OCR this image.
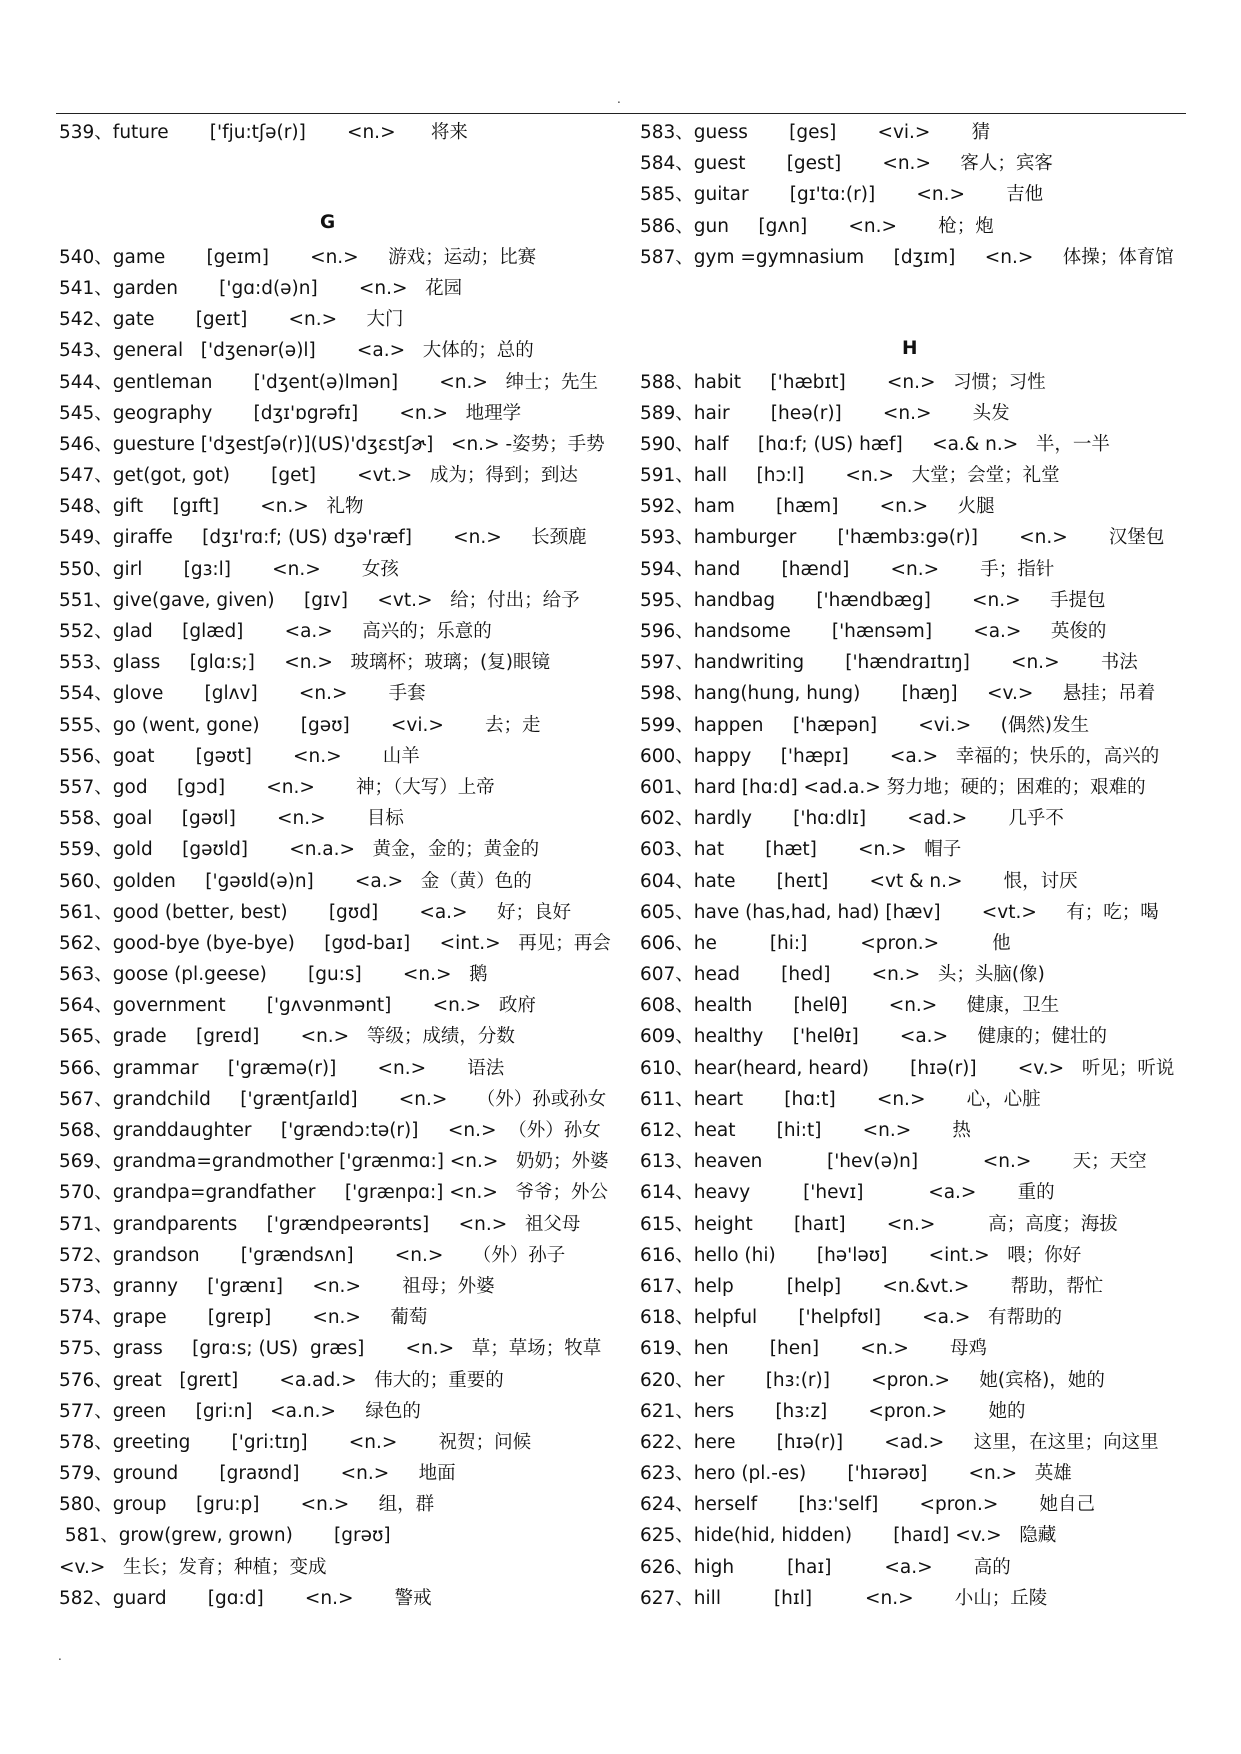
.
539、future       ['fju:tʃə(r)]       <n.>      将来
540、game       [geɪm]       <n.>     游戏；运动；比赛
541、garden       ['gɑ:d(ə)n]       <n.>   花园
542、gate       [geɪt]       <n.>     大门
543、general   ['dʒenər(ə)l]       <a.>   大体的；总的
544、gentleman       ['dʒent(ə)lmən]       <n.>   绅士；先生
545、geography       [dʒɪ'ɒgrəfɪ]       <n.>   地理学
546、guesture ['dʒestʃə(r)](US)'dʒɛstʃɚ]   <n.> -姿势；手势
547、get(got, got)       [get]       <vt.>   成为；得到；到达
548、gift     [gɪft]       <n.>   礼物
549、giraffe     [dʒɪ'rɑ:f; (US) dʒə'ræf]       <n.>     长颈鹿
550、girl       [gɜ:l]       <n.>       女孩
551、give(gave, given)     [gɪv]     <vt.>   给；付出；给予
552、glad     [glæd]       <a.>     高兴的；乐意的
553、glass     [glɑ:s;]     <n.>   玻璃杯；玻璃；(复)眼镜
554、glove       [glʌv]       <n.>       手套
555、go (went, gone)       [gəʊ]       <vi.>       去；走
556、goat       [gəʊt]       <n.>       山羊
557、god     [gɔd]       <n.>       神；（大写）上帝
558、goal     [gəʊl]       <n.>       目标
559、gold     [gəʊld]       <n.a.>   黄金，金的；黄金的
560、golden     ['gəʊld(ə)n]       <a.>   金（黄）色的
561、good (better, best)       [gʊd]       <a.>     好；良好
562、good-bye (bye-bye)     [gʊd-baɪ]     <int.>   再见；再会
563、goose (pl.geese)       [gu:s]       <n.>   鹅
564、government       ['gʌvənmənt]       <n.>   政府
565、grade     [greɪd]       <n.>   等级；成绩，分数
566、grammar     ['græmə(r)]       <n.>       语法
567、grandchild     ['græntʃaɪld]       <n.>     （外）孙或孙女
568、granddaughter     ['grændɔ:tə(r)]     <n.>  （外）孙女
569、grandma=grandmother ['grænmɑ:] <n.>   奶奶；外婆
570、grandpa=grandfather     ['grænpɑ:] <n.>   爷爷；外公
571、grandparents     ['grændpeərənts]     <n.>   祖父母
572、grandson       ['grændsʌn]       <n.>     （外）孙子
573、granny     ['grænɪ]     <n.>       祖母；外婆
574、grape       [greɪp]       <n.>     葡萄
575、grass     [grɑ:s; (US)  græs]       <n.>   草；草场；牧草
576、great   [greɪt]       <a.ad.>   伟大的；重要的
577、green     [gri:n]   <a.n.>     绿色的
578、greeting       ['gri:tɪŋ]       <n.>       祝贺；问候
579、ground       [graʊnd]       <n.>     地面
580、group     [gru:p]       <n.>     组，群
581、grow(grew, grown)       [grəʊ]
<v.>   生长；发育；种植；变成
582、guard       [gɑ:d]       <n.>       警戒
583、guess       [ges]       <vi.>       猜
584、guest       [gest]       <n.>     客人；宾客
585、guitar       [gɪ'tɑ:(r)]       <n.>       吉他
586、gun     [gʌn]       <n.>       枪；炮
587、gym =gymnasium     [dʒɪm]     <n.>     体操；体育馆
588、habit     ['hæbɪt]       <n.>   习惯；习性
589、hair       [heə(r)]       <n.>       头发
590、half     [hɑ:f; (US) hæf]     <a.& n.>   半，一半
591、hall     [hɔ:l]       <n.>   大堂；会堂；礼堂
592、ham       [hæm]       <n.>     火腿
593、hamburger       ['hæmbɜ:gə(r)]       <n.>       汉堡包
594、hand       [hænd]       <n.>       手；指针
595、handbag       ['hændbæg]       <n.>     手提包
596、handsome       ['hænsəm]       <a.>     英俊的
597、handwriting       ['hændraɪtɪŋ]       <n.>       书法
598、hang(hung, hung)       [hæŋ]     <v.>     悬挂；吊着
599、happen     ['hæpən]       <vi.>     (偶然)发生
600、happy     ['hæpɪ]       <a.>   幸福的；快乐的，高兴的
601、hard [hɑ:d] <ad.a.> 努力地；硬的；困难的；艰难的
602、hardly       ['hɑ:dlɪ]       <ad.>       几乎不
603、hat       [hæt]       <n.>   帽子
604、hate       [heɪt]       <vt & n.>       恨，讨厌
605、have (has,had, had) [hæv]       <vt.>     有；吃；喝
606、he         [hi:]         <pron.>         他
607、head       [hed]       <n.>   头；头脑(像)
608、health       [helθ]       <n.>     健康，卫生
609、healthy     ['helθɪ]       <a.>     健康的；健壮的
610、hear(heard, heard)       [hɪə(r)]       <v.>   听见；听说
611、heart       [hɑ:t]       <n.>       心，心脏
612、heat       [hi:t]       <n.>       热
613、heaven           ['hev(ə)n]           <n.>       天；天空
614、heavy         ['hevɪ]           <a.>       重的
615、height       [haɪt]       <n.>         高；高度；海拔
616、hello (hi)       [hə'ləʊ]       <int.>   喂；你好
617、help         [help]       <n.&vt.>       帮助，帮忙
618、helpful       ['helpfʊl]       <a.>   有帮助的
619、hen       [hen]       <n.>       母鸡
620、her       [hɜ:(r)]       <pron.>     她(宾格)，她的
621、hers       [hɜ:z]       <pron.>       她的
622、here       [hɪə(r)]       <ad.>     这里，在这里；向这里
623、hero (pl.-es)       ['hɪərəʊ]       <n.>   英雄
624、herself       [hɜ:'self]       <pron.>       她自己
625、hide(hid, hidden)       [haɪd] <v.>   隐藏
626、high         [haɪ]         <a.>       高的
627、hill         [hɪl]         <n.>       小山；丘陵
G
H
.
